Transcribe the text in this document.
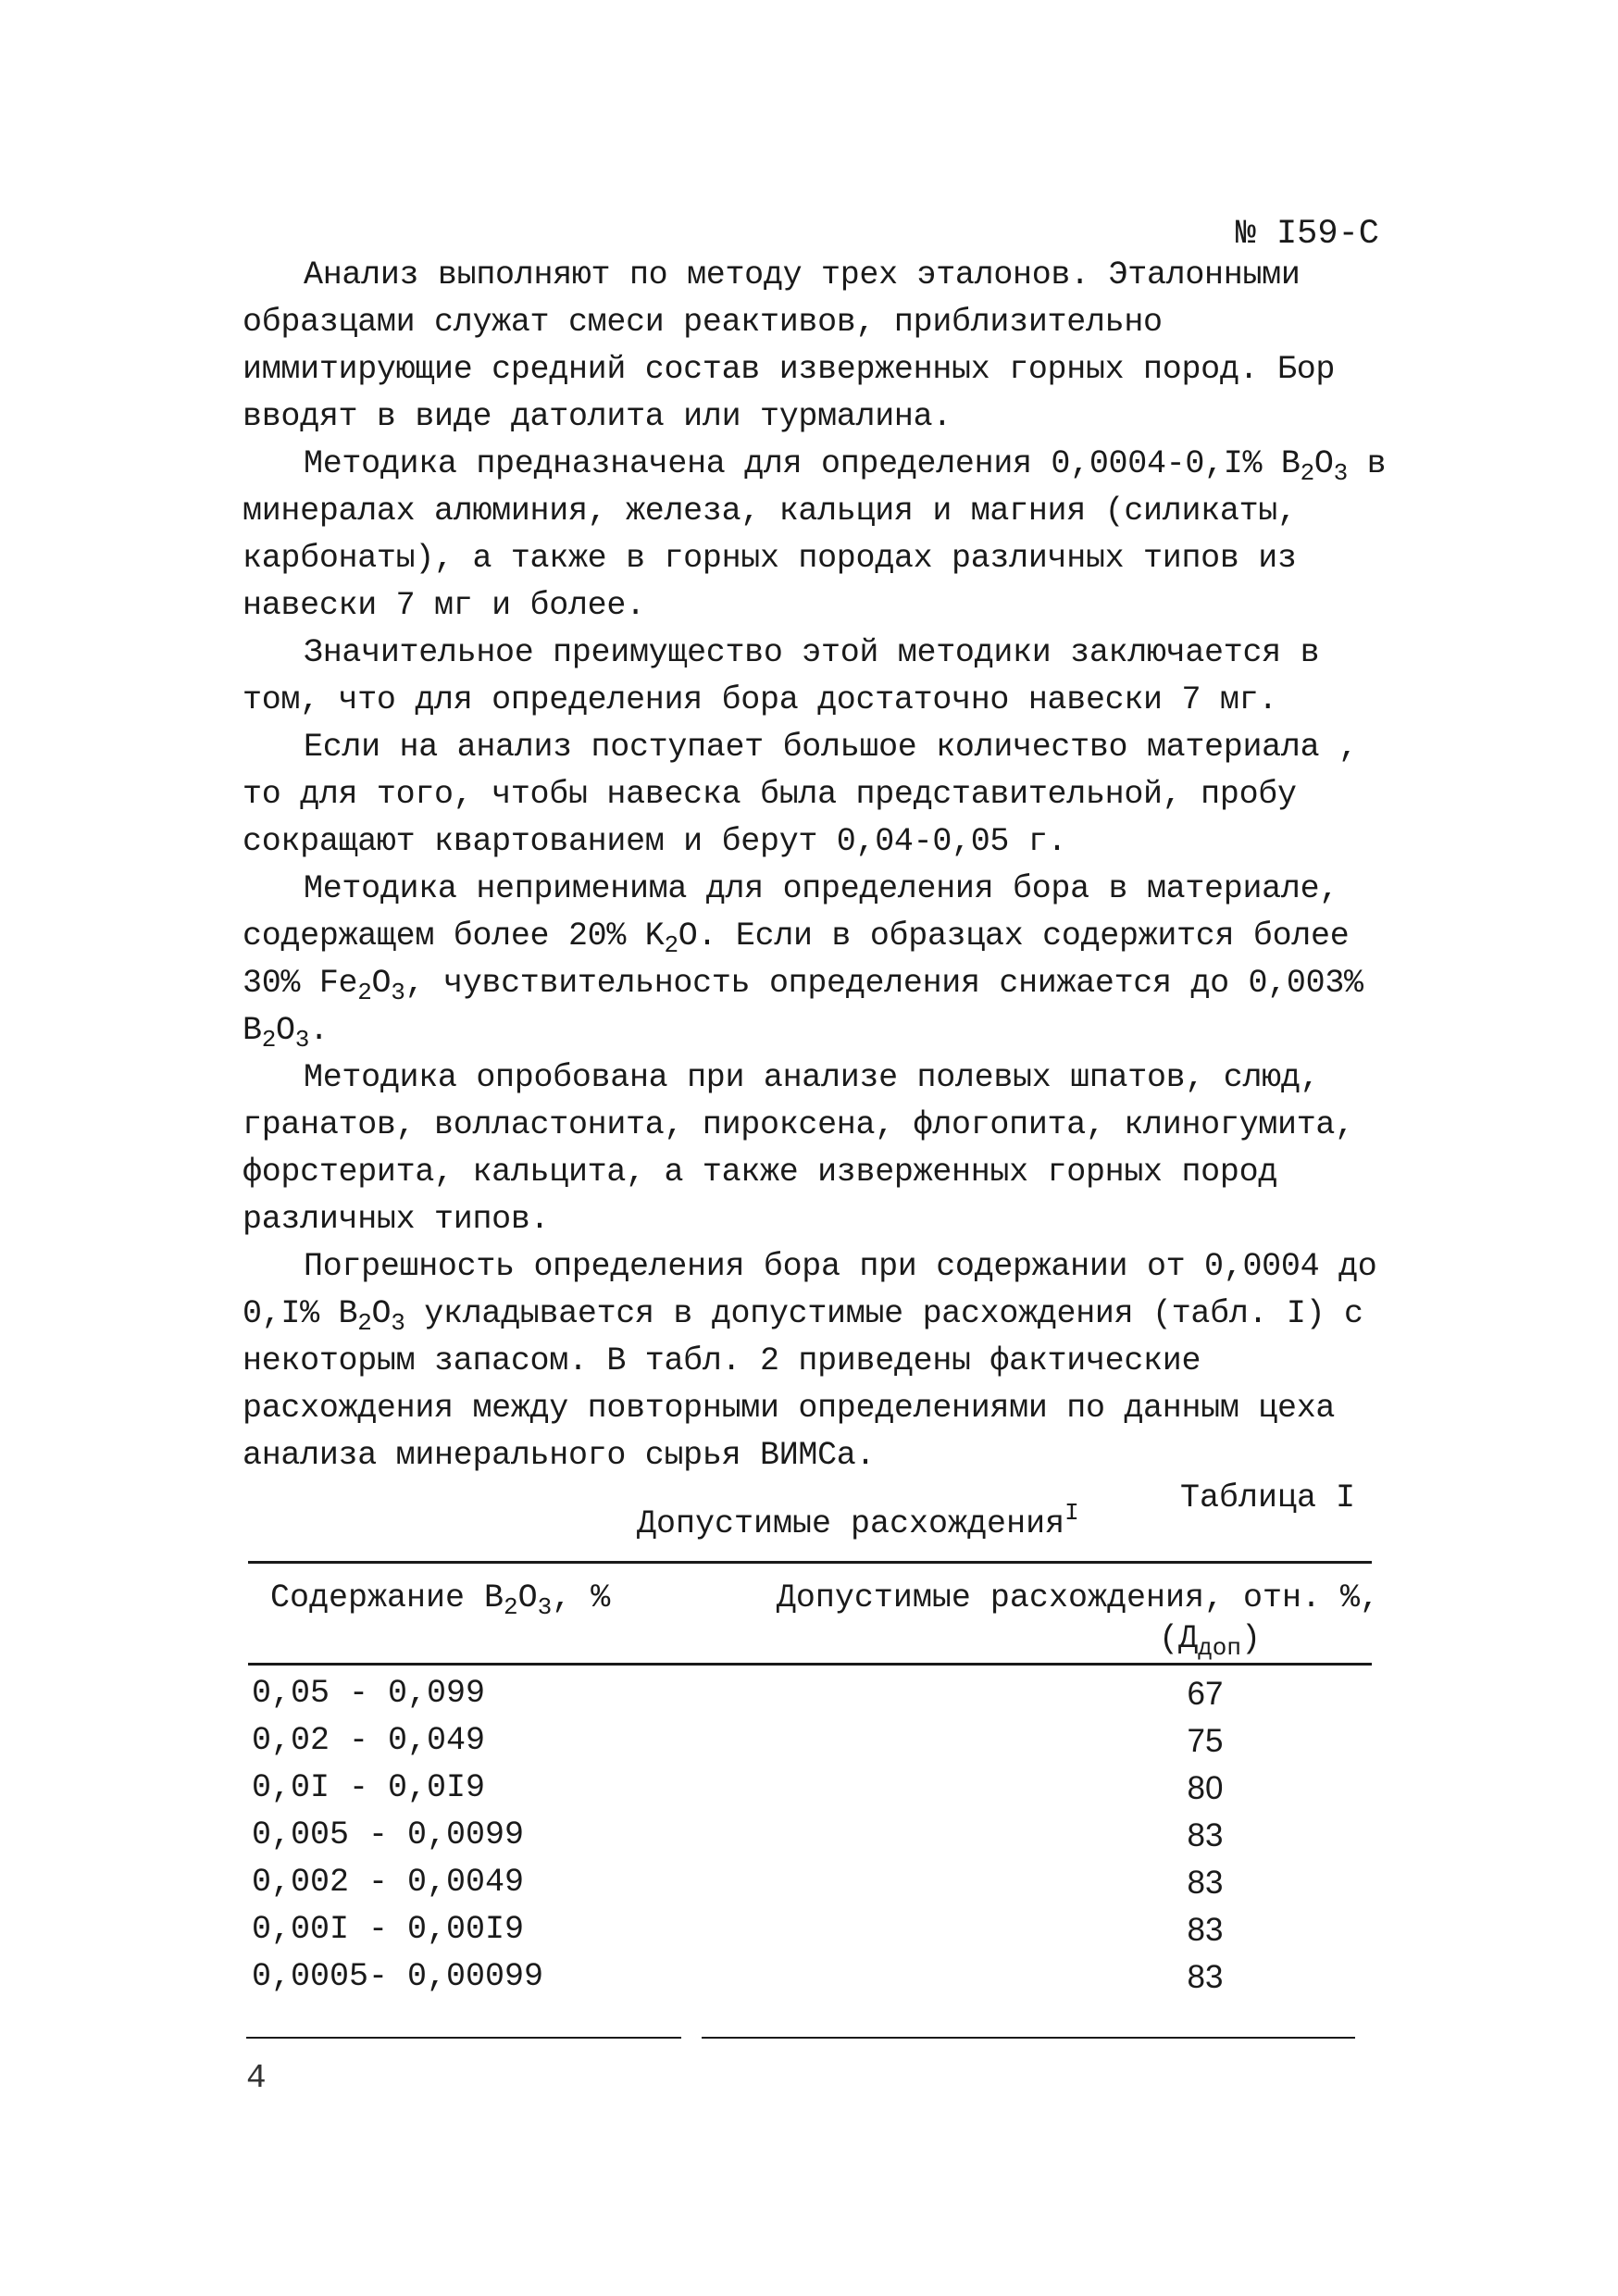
№ I59-С

Анализ выполняют по методу трех эталонов. Эталонными образцами служат смеси реактивов, приблизительно иммитирующие средний состав изверженных горных пород. Бор вводят в виде датолита или турмалина.

Методика предназначена для определения 0,0004-0,I% $B_2O_3$ в минералах алюминия, железа, кальция и магния (силикаты, карбонаты), а также в горных породах различных типов из навески 7 мг и более.

Значительное преимущество этой методики заключается в том, что для определения бора достаточно навески 7 мг.

Если на анализ поступает большое количество материала , то для того, чтобы навеска была представительной, пробу сокращают квартованием и берут 0,04-0,05 г.

Методика неприменима для определения бора в материале, содержащем более 20% $K_2O$. Если в образцах содержится более 30% $Fe_2O_3$, чувствительность определения снижается до 0,003% $B_2O_3$.

Методика опробована при анализе полевых шпатов, слюд, гранатов, волластонита, пироксена, флогопита, клиногумита, форстерита, кальцита, а также изверженных горных пород различных типов.

Погрешность определения бора при содержании от 0,0004 до 0,I% $B_2O_3$ укладывается в допустимые расхождения (табл. I) с некоторым запасом. В табл. 2 приведены фактические расхождения между повторными определениями по данным цеха анализа минерального сырья ВИМСа.

Таблица I
Допустимые расхождения$^I$
Содержание $B_2O_3$, %	Допустимые расхождения, отн. %,
$(Д_{доп})$
0,05 - 0,099	67
0,02 - 0,049	75
0,0I - 0,0I9	80
0,005 - 0,0099	83
0,002 - 0,0049	83
0,00I - 0,00I9	83
0,0005- 0,00099	83
4
